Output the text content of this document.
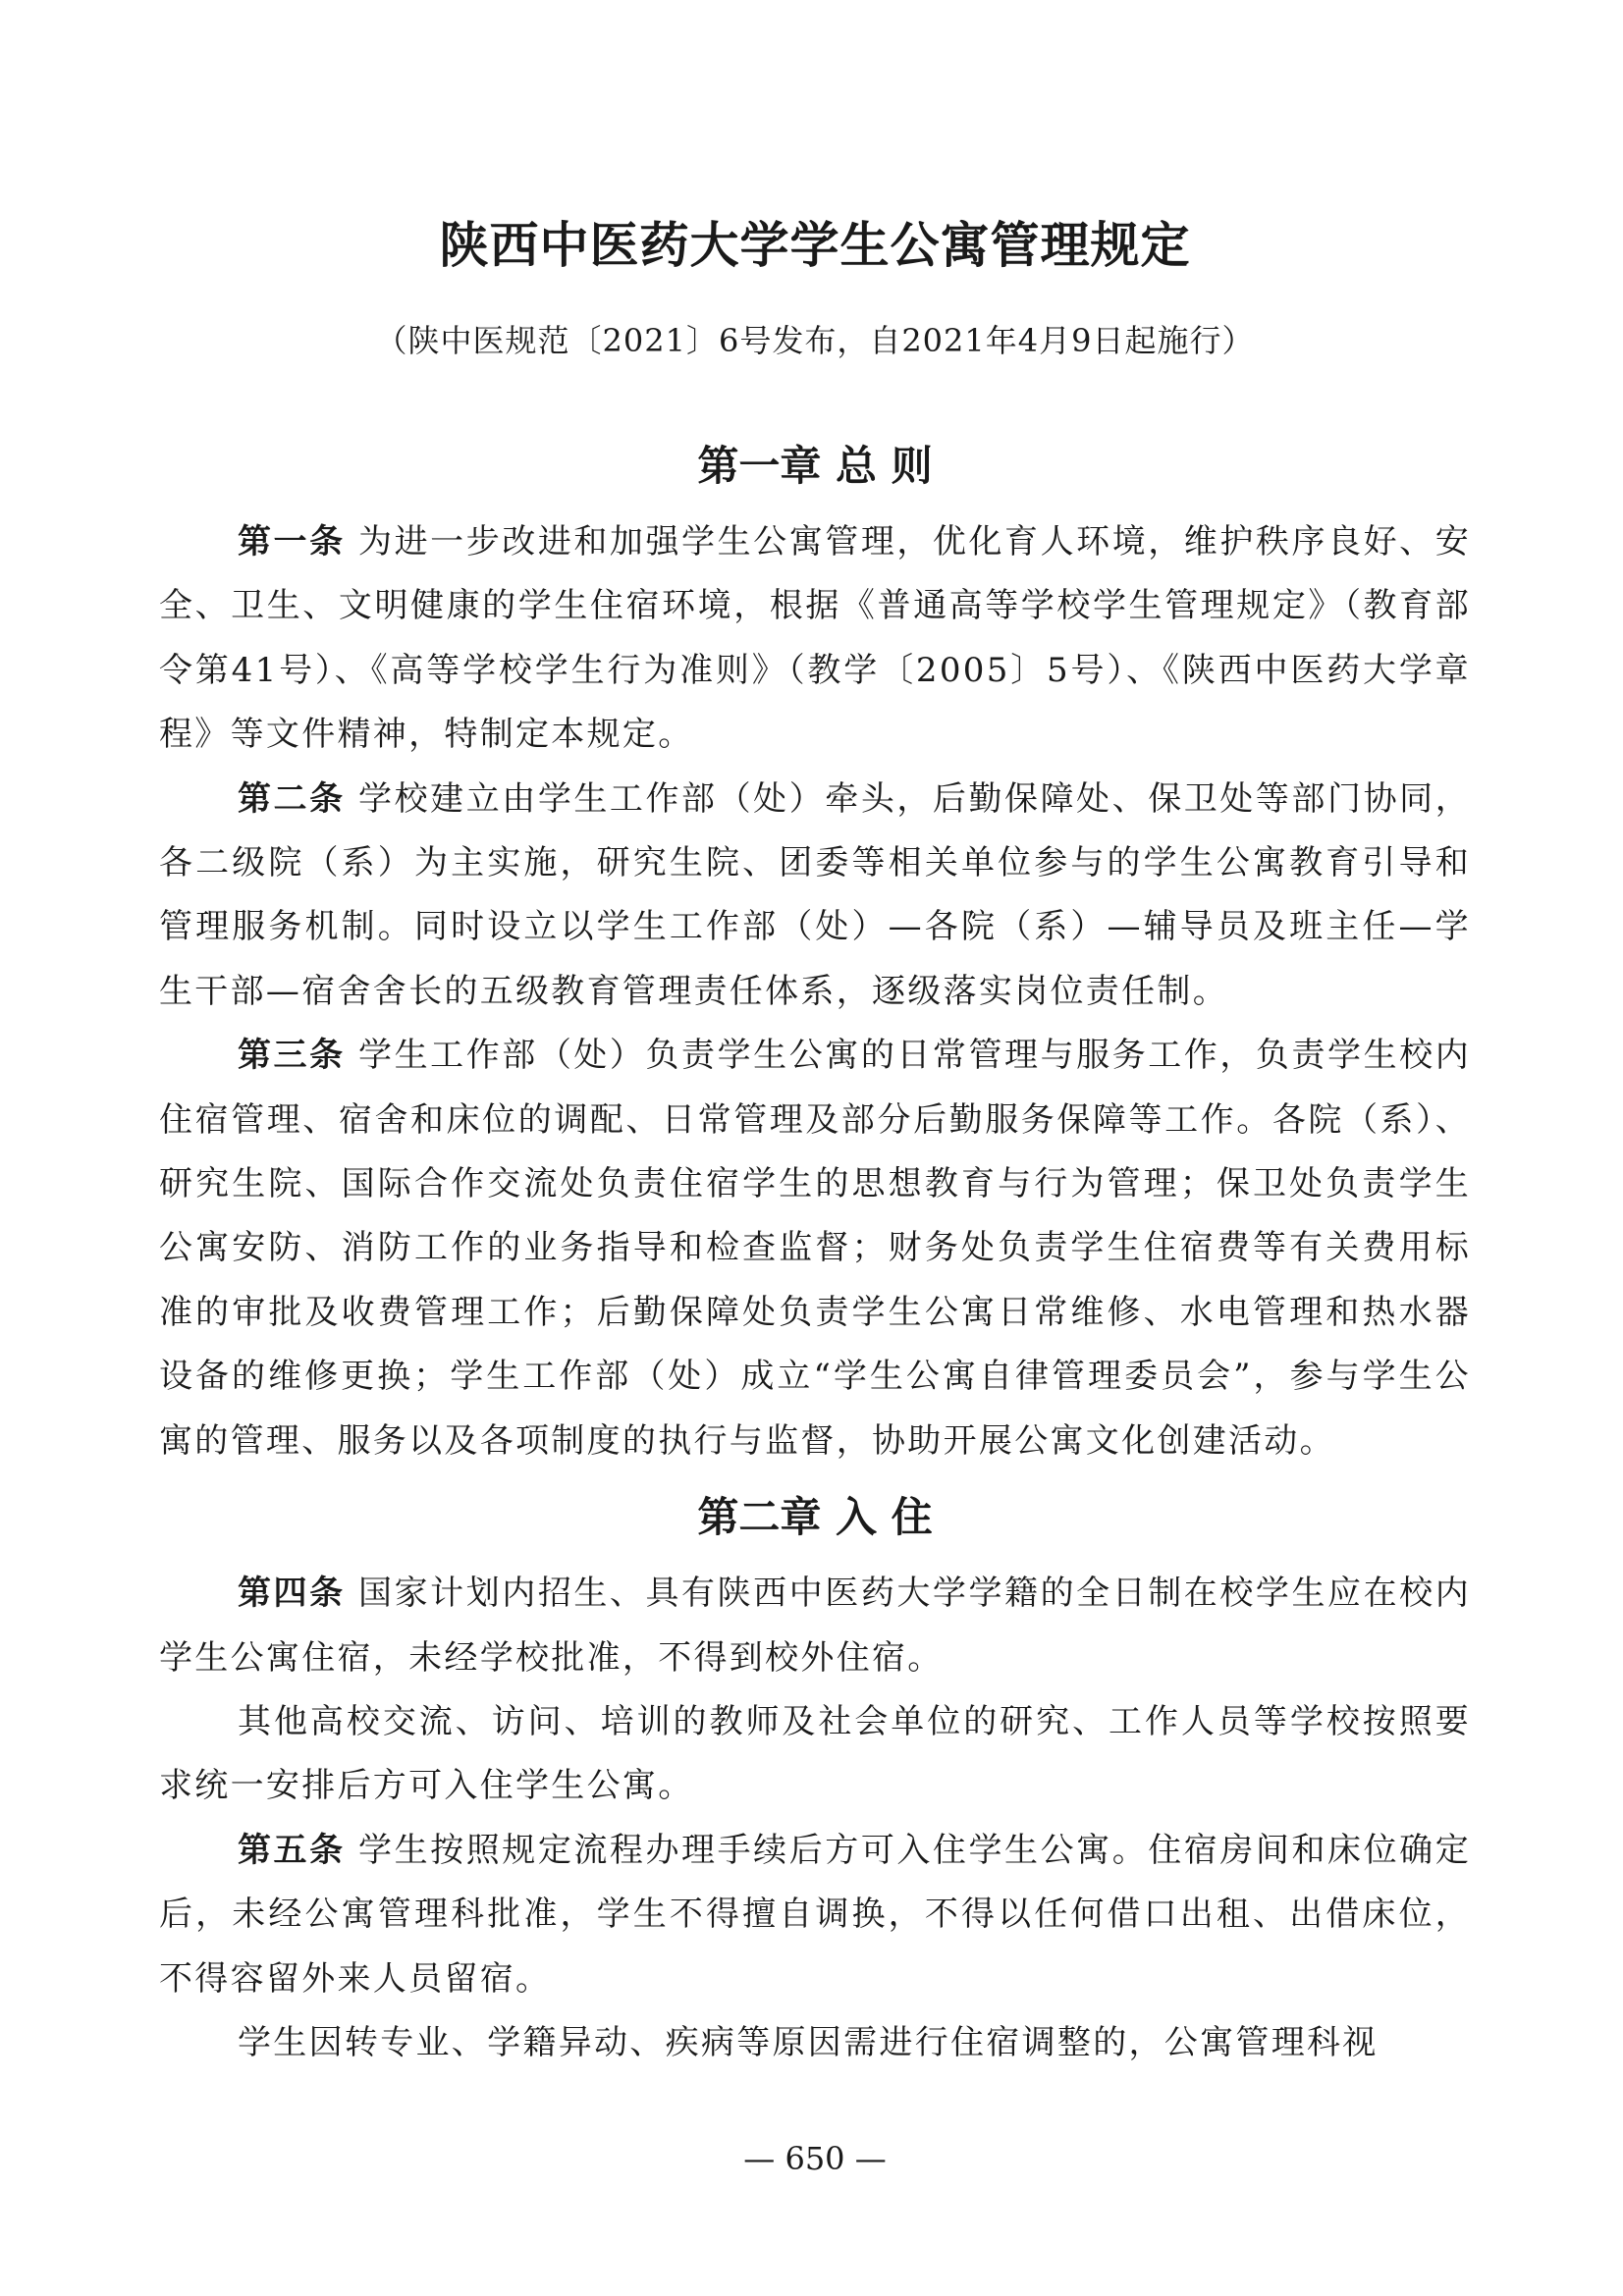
陕西中医药大学学生公寓管理规定

（陕中医规范〔2021〕6号发布，自2021年4月9日起施行）

第一章 总 则

第一条 为进一步改进和加强学生公寓管理，优化育人环境，维护秩序良好、安全、卫生、文明健康的学生住宿环境，根据《普通高等学校学生管理规定》（教育部令第41号）、《高等学校学生行为准则》（教学〔2005〕5号）、《陕西中医药大学章程》等文件精神，特制定本规定。

第二条 学校建立由学生工作部（处）牵头，后勤保障处、保卫处等部门协同，各二级院（系）为主实施，研究生院、团委等相关单位参与的学生公寓教育引导和管理服务机制。同时设立以学生工作部（处）—各院（系）—辅导员及班主任—学生干部—宿舍舍长的五级教育管理责任体系，逐级落实岗位责任制。

第三条 学生工作部（处）负责学生公寓的日常管理与服务工作，负责学生校内住宿管理、宿舍和床位的调配、日常管理及部分后勤服务保障等工作。各院（系）、研究生院、国际合作交流处负责住宿学生的思想教育与行为管理；保卫处负责学生公寓安防、消防工作的业务指导和检查监督；财务处负责学生住宿费等有关费用标准的审批及收费管理工作；后勤保障处负责学生公寓日常维修、水电管理和热水器设备的维修更换；学生工作部（处）成立“学生公寓自律管理委员会”，参与学生公寓的管理、服务以及各项制度的执行与监督，协助开展公寓文化创建活动。

第二章 入 住

第四条 国家计划内招生、具有陕西中医药大学学籍的全日制在校学生应在校内学生公寓住宿，未经学校批准，不得到校外住宿。

其他高校交流、访问、培训的教师及社会单位的研究、工作人员等学校按照要求统一安排后方可入住学生公寓。

第五条 学生按照规定流程办理手续后方可入住学生公寓。住宿房间和床位确定后，未经公寓管理科批准，学生不得擅自调换，不得以任何借口出租、出借床位，不得容留外来人员留宿。

学生因转专业、学籍异动、疾病等原因需进行住宿调整的，公寓管理科视

— 650 —
